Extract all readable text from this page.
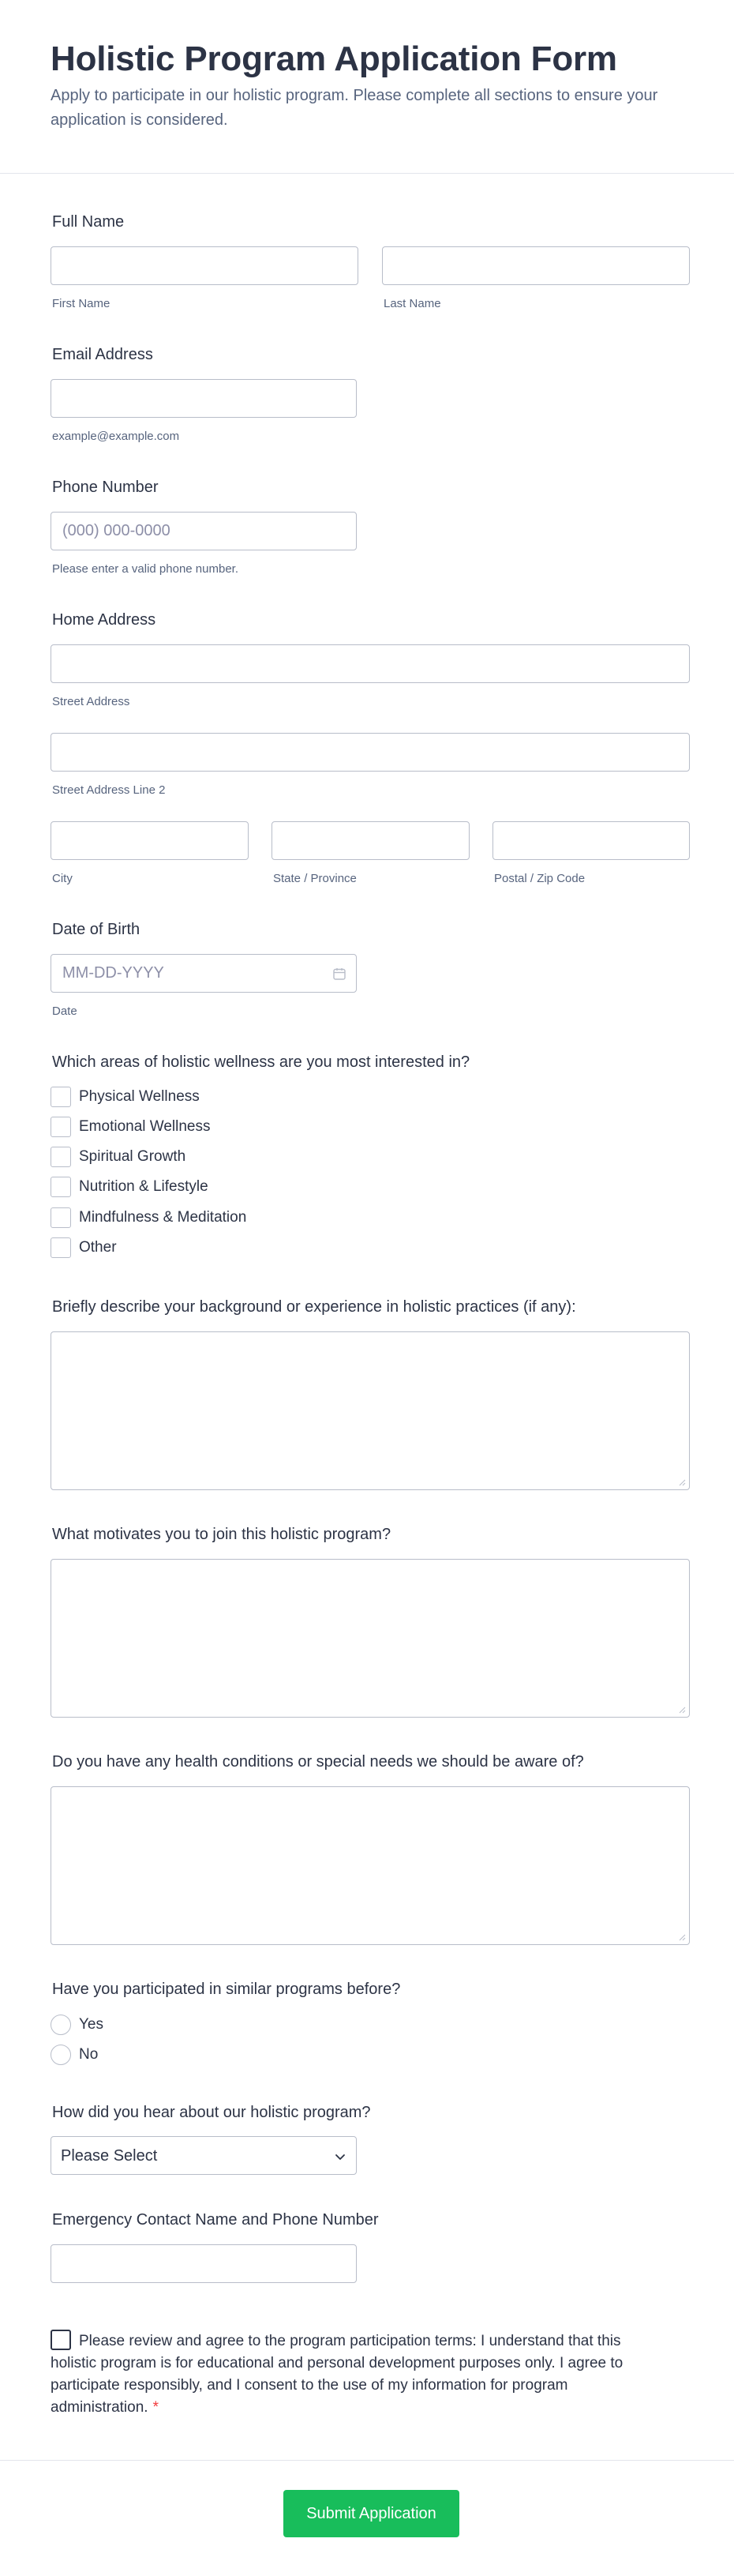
Holistic Program Application Form

Apply to participate in our holistic program. Please complete all sections to ensure your application is considered.

Full Name
First Name	Last Name
Email Address
example@example.com
Phone Number
(000) 000-0000
Please enter a valid phone number.
Home Address
Street Address
Street Address Line 2
City	State / Province	Postal / Zip Code
Date of Birth
MM-DD-YYYY
Date
Which areas of holistic wellness are you most interested in?
Physical Wellness
Emotional Wellness
Spiritual Growth
Nutrition & Lifestyle
Mindfulness & Meditation
Other
Briefly describe your background or experience in holistic practices (if any):
What motivates you to join this holistic program?
Do you have any health conditions or special needs we should be aware of?
Have you participated in similar programs before?
Yes
No
How did you hear about our holistic program?
Please Select
Emergency Contact Name and Phone Number
Please review and agree to the program participation terms: I understand that this holistic program is for educational and personal development purposes only. I agree to participate responsibly, and I consent to the use of my information for program administration. *
Submit Application
